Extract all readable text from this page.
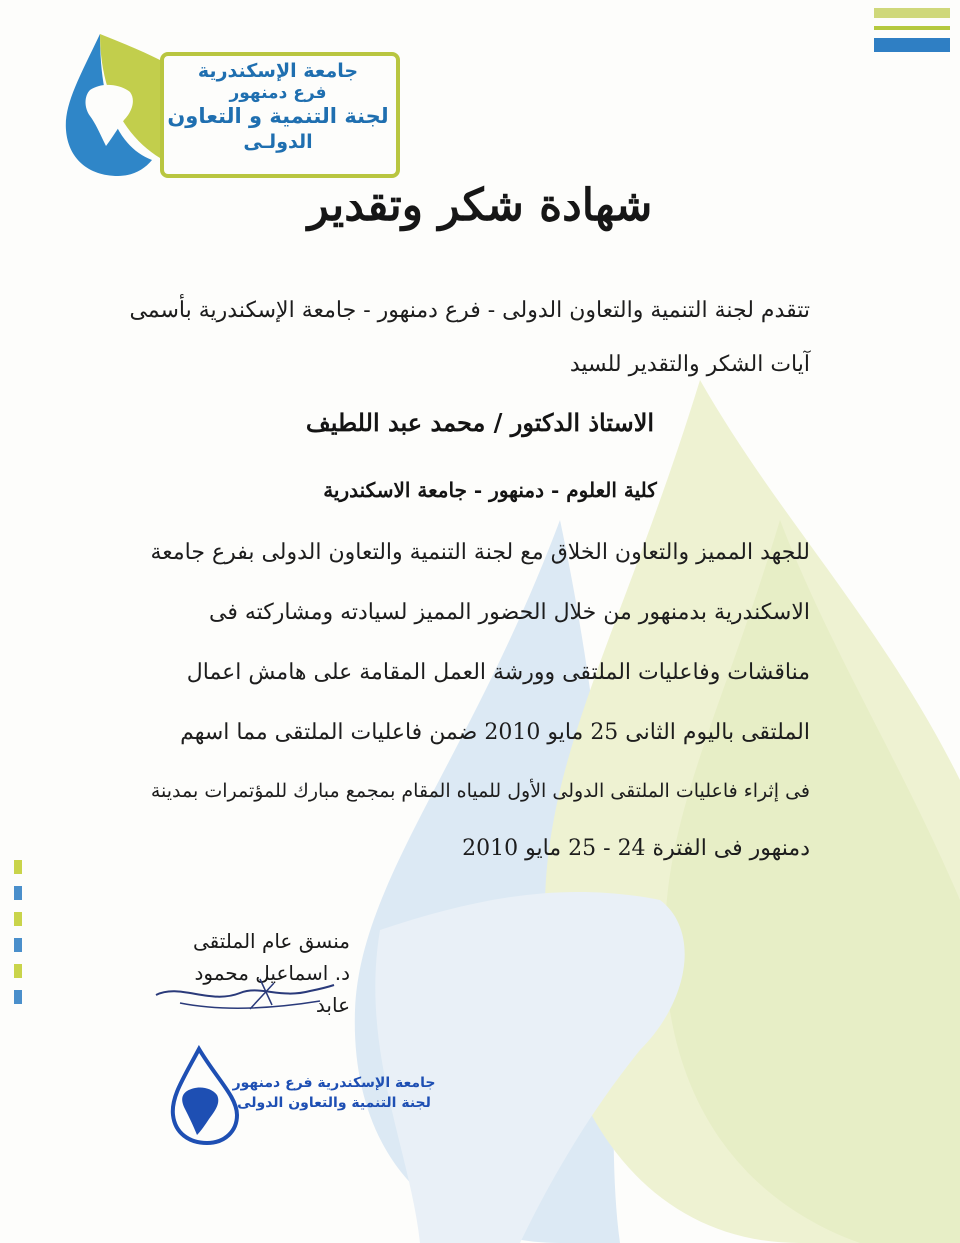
جامعة الإسكندرية
فرع دمنهور
لجنة التنمية و التعاون
الدولـى
شهادة شكر وتقدير
تتقدم لجنة التنمية والتعاون الدولى - فرع دمنهور - جامعة الإسكندرية بأسمى
آيات الشكر والتقدير للسيد
الاستاذ الدكتور / محمد عبد اللطيف
كلية العلوم - دمنهور - جامعة الاسكندرية
للجهد المميز والتعاون الخلاق مع لجنة التنمية والتعاون الدولى بفرع جامعة
الاسكندرية بدمنهور من خلال الحضور المميز لسيادته ومشاركته فى
مناقشات وفاعليات الملتقى وورشة العمل المقامة على هامش اعمال
الملتقى باليوم الثانى 25 مايو 2010 ضمن فاعليات الملتقى مما اسهم
فى إثراء فاعليات الملتقى الدولى الأول للمياه المقام بمجمع مبارك للمؤتمرات بمدينة
دمنهور فى الفترة 24 - 25 مايو 2010
منسق عام الملتقى
د. اسماعيل محمود عابد
جامعة الإسكندرية فرع دمنهور
لجنة التنمية والتعاون الدولى
